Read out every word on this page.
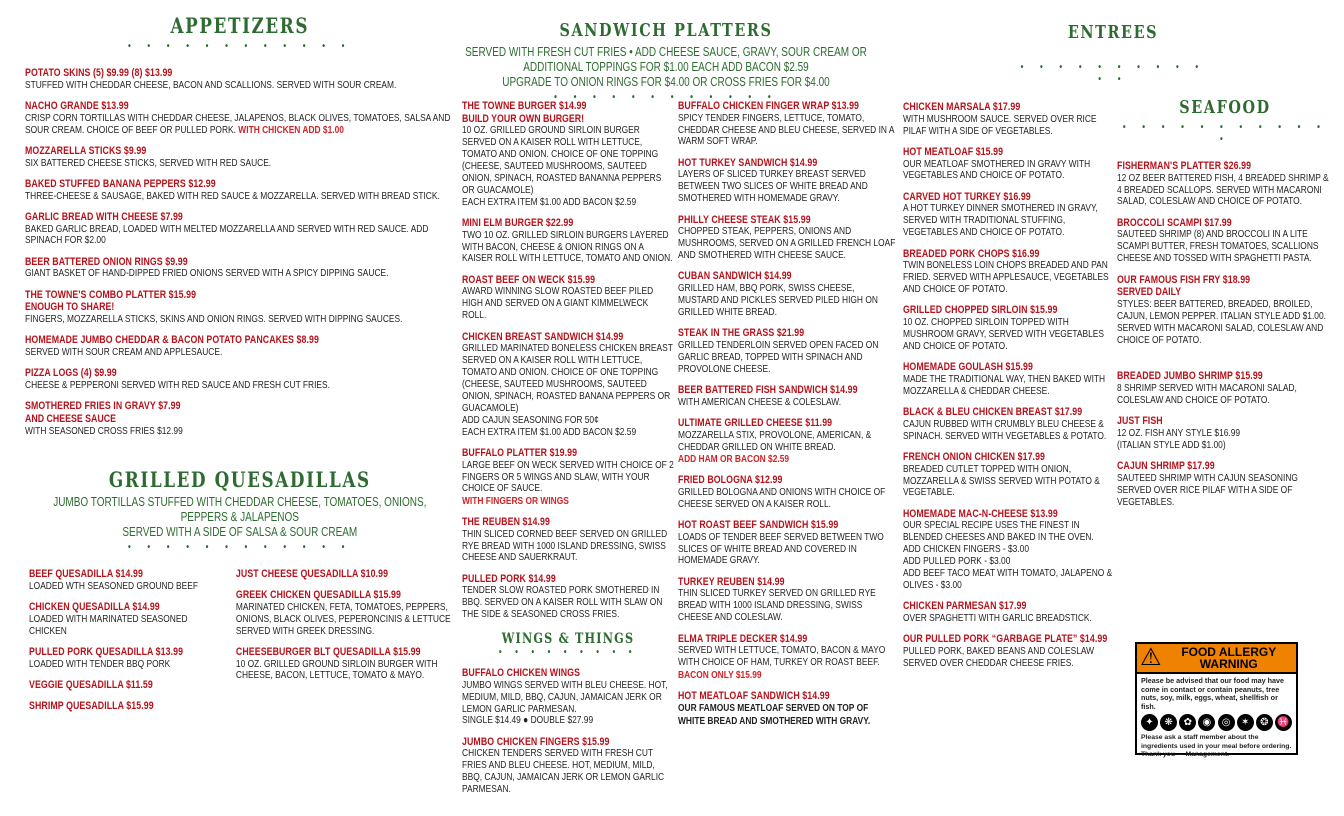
APPETIZERS
• • •
POTATO SKINS (5) $9.99 (8) $13.99
STUFFED WITH CHEDDAR CHEESE, BACON AND SCALLIONS. SERVED WITH SOUR CREAM.
NACHO GRANDE $13.99
CRISP CORN TORTILLAS WITH CHEDDAR CHEESE, JALAPENOS, BLACK OLIVES, TOMATOES, SALSA AND SOUR CREAM. CHOICE OF BEEF OR PULLED PORK. WITH CHICKEN ADD $1.00
MOZZARELLA STICKS $9.99
SIX BATTERED CHEESE STICKS, SERVED WITH RED SAUCE.
BAKED STUFFED BANANA PEPPERS $12.99
THREE-CHEESE & SAUSAGE, BAKED WITH RED SAUCE & MOZZARELLA. SERVED WITH BREAD STICK.
GARLIC BREAD WITH CHEESE $7.99
BAKED GARLIC BREAD, LOADED WITH MELTED MOZZARELLA AND SERVED WITH RED SAUCE. ADD SPINACH FOR $2.00
BEER BATTERED ONION RINGS $9.99
GIANT BASKET OF HAND-DIPPED FRIED ONIONS SERVED WITH A SPICY DIPPING SAUCE.
THE TOWNE'S COMBO PLATTER $15.99
ENOUGH TO SHARE!
FINGERS, MOZZARELLA STICKS, SKINS AND ONION RINGS. SERVED WITH DIPPING SAUCES.
HOMEMADE JUMBO CHEDDAR & BACON POTATO PANCAKES $8.99
SERVED WITH SOUR CREAM AND APPLESAUCE.
PIZZA LOGS (4) $9.99
CHEESE & PEPPERONI SERVED WITH RED SAUCE AND FRESH CUT FRIES.
SMOTHERED FRIES IN GRAVY $7.99
AND CHEESE SAUCE
WITH SEASONED CROSS FRIES $12.99
GRILLED QUESADILLAS
JUMBO TORTILLAS STUFFED WITH CHEDDAR CHEESE, TOMATOES, ONIONS,
PEPPERS & JALAPENOS
SERVED WITH A SIDE OF SALSA & SOUR CREAM
• • •
BEEF QUESADILLA $14.99
LOADED WTH SEASONED GROUND BEEF
CHICKEN QUESADILLA $14.99
LOADED WITH MARINATED SEASONED CHICKEN
PULLED PORK QUESADILLA $13.99
LOADED WITH TENDER BBQ PORK
VEGGIE QUESADILLA $11.59
SHRIMP QUESADILLA $15.99
JUST CHEESE QUESADILLA $10.99
GREEK CHICKEN QUESADILLA $15.99
MARINATED CHICKEN, FETA, TOMATOES, PEPPERS, ONIONS, BLACK OLIVES, PEPERONCINIS & LETTUCE SERVED WITH GREEK DRESSING.
CHEESEBURGER BLT QUESADILLA $15.99
10 OZ. GRILLED GROUND SIRLOIN BURGER WITH CHEESE, BACON, LETTUCE, TOMATO & MAYO.
SANDWICH PLATTERS
SERVED WITH FRESH CUT FRIES • ADD CHEESE SAUCE, GRAVY, SOUR CREAM OR
ADDITIONAL TOPPINGS FOR $1.00 EACH ADD BACON $2.59
UPGRADE TO ONION RINGS FOR $4.00 OR CROSS FRIES FOR $4.00
• • •
THE TOWNE BURGER $14.99
BUILD YOUR OWN BURGER!
10 OZ. GRILLED GROUND SIRLOIN BURGER SERVED ON A KAISER ROLL WITH LETTUCE, TOMATO AND ONION. CHOICE OF ONE TOPPING (CHEESE, SAUTEED MUSHROOMS, SAUTEED ONION, SPINACH, ROASTED BANANNA PEPPERS OR GUACAMOLE)
EACH EXTRA ITEM $1.00 ADD BACON $2.59
MINI ELM BURGER $22.99
TWO 10 OZ. GRILLED SIRLOIN BURGERS LAYERED WITH BACON, CHEESE & ONION RINGS ON A KAISER ROLL WITH LETTUCE, TOMATO AND ONION.
ROAST BEEF ON WECK $15.99
AWARD WINNING SLOW ROASTED BEEF PILED HIGH AND SERVED ON A GIANT KIMMELWECK ROLL.
CHICKEN BREAST SANDWICH $14.99
GRILLED MARINATED BONELESS CHICKEN BREAST SERVED ON A KAISER ROLL WITH LETTUCE, TOMATO AND ONION. CHOICE OF ONE TOPPING (CHEESE, SAUTEED MUSHROOMS, SAUTEED ONION, SPINACH, ROASTED BANANA PEPPERS OR GUACAMOLE)
ADD CAJUN SEASONING FOR 50¢
EACH EXTRA ITEM $1.00 ADD BACON $2.59
BUFFALO PLATTER $19.99
LARGE BEEF ON WECK SERVED WITH CHOICE OF 2 FINGERS OR 5 WINGS AND SLAW, WITH YOUR CHOICE OF SAUCE.
WITH FINGERS OR WINGS
THE REUBEN $14.99
THIN SLICED CORNED BEEF SERVED ON GRILLED RYE BREAD WITH 1000 ISLAND DRESSING, SWISS CHEESE AND SAUERKRAUT.
PULLED PORK $14.99
TENDER SLOW ROASTED PORK SMOTHERED IN BBQ. SERVED ON A KAISER ROLL WITH SLAW ON THE SIDE & SEASONED CROSS FRIES.
WINGS & THINGS
• • •
BUFFALO CHICKEN WINGS
JUMBO WINGS SERVED WITH BLEU CHEESE. HOT, MEDIUM, MILD, BBQ, CAJUN, JAMAICAN JERK OR LEMON GARLIC PARMESAN.
SINGLE $14.49 ● DOUBLE $27.99
JUMBO CHICKEN FINGERS $15.99
CHICKEN TENDERS SERVED WITH FRESH CUT FRIES AND BLEU CHEESE. HOT, MEDIUM, MILD, BBQ, CAJUN, JAMAICAN JERK OR LEMON GARLIC PARMESAN.
BUFFALO CHICKEN FINGER WRAP $13.99
SPICY TENDER FINGERS, LETTUCE, TOMATO, CHEDDAR CHEESE AND BLEU CHEESE, SERVED IN A WARM SOFT WRAP.
HOT TURKEY SANDWICH $14.99
LAYERS OF SLICED TURKEY BREAST SERVED BETWEEN TWO SLICES OF WHITE BREAD AND SMOTHERED WITH HOMEMADE GRAVY.
PHILLY CHEESE STEAK $15.99
CHOPPED STEAK, PEPPERS, ONIONS AND MUSHROOMS, SERVED ON A GRILLED FRENCH LOAF AND SMOTHERED WITH CHEESE SAUCE.
CUBAN SANDWICH $14.99
GRILLED HAM, BBQ PORK, SWISS CHEESE, MUSTARD AND PICKLES SERVED PILED HIGH ON GRILLED WHITE BREAD.
STEAK IN THE GRASS $21.99
GRILLED TENDERLOIN SERVED OPEN FACED ON GARLIC BREAD, TOPPED WITH SPINACH AND PROVOLONE CHEESE.
BEER BATTERED FISH SANDWICH $14.99
WITH AMERICAN CHEESE & COLESLAW.
ULTIMATE GRILLED CHEESE $11.99
MOZZARELLA STIX, PROVOLONE, AMERICAN, & CHEDDAR GRILLED ON WHITE BREAD.
ADD HAM OR BACON $2.59
FRIED BOLOGNA $12.99
GRILLED BOLOGNA AND ONIONS WITH CHOICE OF CHEESE SERVED ON A KAISER ROLL.
HOT ROAST BEEF SANDWICH $15.99
LOADS OF TENDER BEEF SERVED BETWEEN TWO SLICES OF WHITE BREAD AND COVERED IN HOMEMADE GRAVY.
TURKEY REUBEN $14.99
THIN SLICED TURKEY SERVED ON GRILLED RYE BREAD WITH 1000 ISLAND DRESSING, SWISS CHEESE AND COLESLAW.
ELMA TRIPLE DECKER $14.99
SERVED WITH LETTUCE, TOMATO, BACON & MAYO WITH CHOICE OF HAM, TURKEY OR ROAST BEEF.
BACON ONLY $15.99
HOT MEATLOAF SANDWICH $14.99
OUR FAMOUS MEATLOAF SERVED ON TOP OF WHITE BREAD AND SMOTHERED WITH GRAVY.
ENTREES
• • •
CHICKEN MARSALA $17.99
WITH MUSHROOM SAUCE. SERVED OVER RICE PILAF WITH A SIDE OF VEGETABLES.
HOT MEATLOAF $15.99
OUR MEATLOAF SMOTHERED IN GRAVY WITH VEGETABLES AND CHOICE OF POTATO.
CARVED HOT TURKEY $16.99
A HOT TURKEY DINNER SMOTHERED IN GRAVY, SERVED WITH TRADITIONAL STUFFING, VEGETABLES AND CHOICE OF POTATO.
BREADED PORK CHOPS $16.99
TWIN BONELESS LOIN CHOPS BREADED AND PAN FRIED. SERVED WITH APPLESAUCE, VEGETABLES AND CHOICE OF POTATO.
GRILLED CHOPPED SIRLOIN $15.99
10 OZ. CHOPPED SIRLOIN TOPPED WITH MUSHROOM GRAVY, SERVED WITH VEGETABLES AND CHOICE OF POTATO.
HOMEMADE GOULASH $15.99
MADE THE TRADITIONAL WAY, THEN BAKED WITH MOZZARELLA & CHEDDAR CHEESE.
BLACK & BLEU CHICKEN BREAST $17.99
CAJUN RUBBED WITH CRUMBLY BLEU CHEESE & SPINACH. SERVED WITH VEGETABLES & POTATO.
FRENCH ONION CHICKEN $17.99
BREADED CUTLET TOPPED WITH ONION, MOZZARELLA & SWISS SERVED WITH POTATO & VEGETABLE.
HOMEMADE MAC-N-CHEESE $13.99
OUR SPECIAL RECIPE USES THE FINEST IN BLENDED CHEESES AND BAKED IN THE OVEN.
ADD CHICKEN FINGERS - $3.00
ADD PULLED PORK - $3.00
ADD BEEF TACO MEAT WITH TOMATO, JALAPENO & OLIVES - $3.00
CHICKEN PARMESAN $17.99
OVER SPAGHETTI WITH GARLIC BREADSTICK.
OUR PULLED PORK “GARBAGE PLATE” $14.99
PULLED PORK, BAKED BEANS AND COLESLAW SERVED OVER CHEDDAR CHEESE FRIES.
SEAFOOD
• • •
FISHERMAN'S PLATTER $26.99
12 OZ BEER BATTERED FISH, 4 BREADED SHRIMP & 4 BREADED SCALLOPS. SERVED WITH MACARONI SALAD, COLESLAW AND CHOICE OF POTATO.
BROCCOLI SCAMPI $17.99
SAUTEED SHRIMP (8) AND BROCCOLI IN A LITE SCAMPI BUTTER, FRESH TOMATOES, SCALLIONS CHEESE AND TOSSED WITH SPAGHETTI PASTA.
OUR FAMOUS FISH FRY $18.99
SERVED DAILY
STYLES: BEER BATTERED, BREADED, BROILED, CAJUN, LEMON PEPPER. ITALIAN STYLE ADD $1.00. SERVED WITH MACARONI SALAD, COLESLAW AND CHOICE OF POTATO.
BREADED JUMBO SHRIMP $15.99
8 SHRIMP SERVED WITH MACARONI SALAD, COLESLAW AND CHOICE OF POTATO.
JUST FISH
12 OZ. FISH ANY STYLE $16.99
(ITALIAN STYLE ADD $1.00)
CAJUN SHRIMP $17.99
SAUTEED SHRIMP WITH CAJUN SEASONING SERVED OVER RICE PILAF WITH A SIDE OF VEGETABLES.
⚠	FOOD ALLERGY WARNING
Please be advised that our food may have come in contact or contain peanuts, tree nuts, soy, milk, eggs, wheat, shellfish or fish.
✦	❋	✿	◉	◎	✶	❂ ♓
Please ask a staff member about the ingredients used in your meal before ordering. Thank you — Management.
